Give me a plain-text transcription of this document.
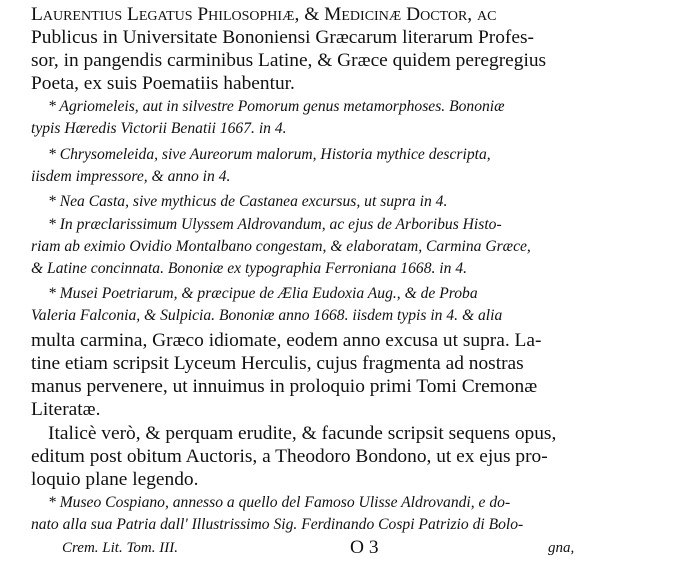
Laurentius Legatus Philosophiæ, & Medicinæ Doctor, ac
Publicus in Universitate Bononiensi Græcarum literarum Profes-
sor, in pangendis carminibus Latine, & Græce quidem peregregius
Poeta, ex suis Poematiis habentur.
* Agriomeleis, aut in silvestre Pomorum genus metamorphoses. Bononiæ
typis Hæredis Victorii Benatii 1667. in 4.
* Chrysomeleida, sive Aureorum malorum, Historia mythice descripta,
iisdem impressore, & anno in 4.
* Nea Casta, sive mythicus de Castanea excursus, ut supra in 4.
* In præclarissimum Ulyssem Aldrovandum, ac ejus de Arboribus Histo-
riam ab eximio Ovidio Montalbano congestam, & elaboratam, Carmina Græce,
& Latine concinnata. Bononiæ ex typographia Ferroniana 1668. in 4.
* Musei Poetriarum, & præcipue de Ælia Eudoxia Aug., & de Proba
Valeria Falconia, & Sulpicia. Bononiæ anno 1668. iisdem typis in 4. & alia
multa carmina, Græco idiomate, eodem anno excusa ut supra. La-
tine etiam scripsit Lyceum Herculis, cujus fragmenta ad nostras
manus pervenere, ut innuimus in proloquio primi Tomi Cremonæ
Literatæ.
Italicè verò, & perquam erudite, & facunde scripsit sequens opus,
editum post obitum Auctoris, a Theodoro Bondono, ut ex ejus pro-
loquio plane legendo.
* Museo Cospiano, annesso a quello del Famoso Ulisse Aldrovandi, e do-
nato alla sua Patria dall' Illustrissimo Sig. Ferdinando Cospi Patrizio di Bolo-
Crem. Lit. Tom. III.	O 3	gna,
